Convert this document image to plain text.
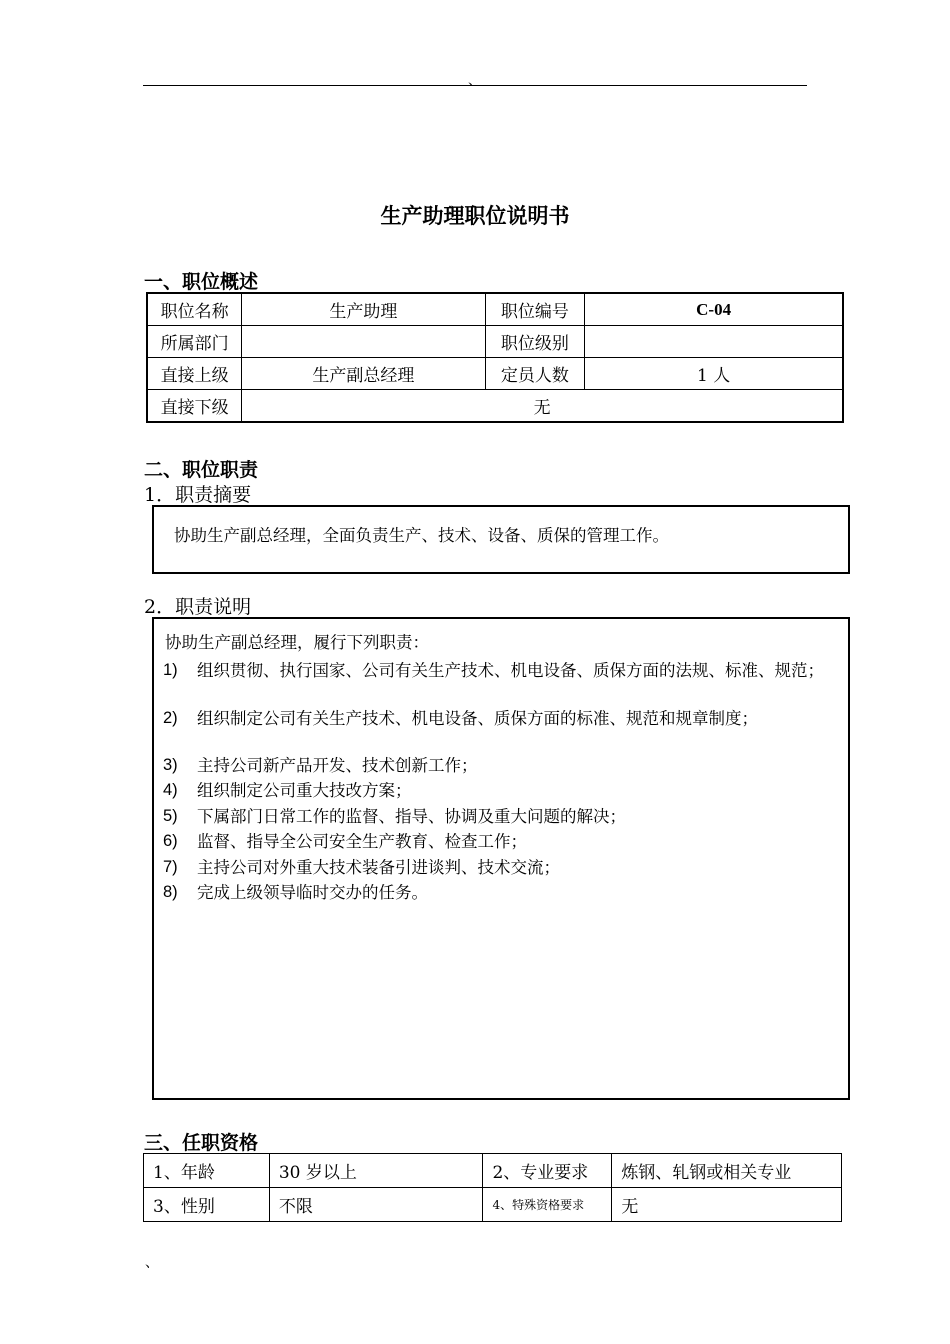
、
生产助理职位说明书
一、职位概述
职位名称	生产助理	职位编号	C-04
所属部门		职位级别	
直接上级	生产副总经理	定员人数	1 人
直接下级	无		
二、职位职责
1．职责摘要
协助生产副总经理，全面负责生产、技术、设备、质保的管理工作。
2．职责说明
协助生产副总经理，履行下列职责：
1) 组织贯彻、执行国家、公司有关生产技术、机电设备、质保方面的法规、标准、规范；
2) 组织制定公司有关生产技术、机电设备、质保方面的标准、规范和规章制度；
3) 主持公司新产品开发、技术创新工作；
4) 组织制定公司重大技改方案；
5) 下属部门日常工作的监督、指导、协调及重大问题的解决；
6) 监督、指导全公司安全生产教育、检查工作；
7) 主持公司对外重大技术装备引进谈判、技术交流；
8) 完成上级领导临时交办的任务。
三、任职资格
1、年龄	30 岁以上	2、专业要求	炼钢、轧钢或相关专业
3、性别	不限	4、特殊资格要求	无
、
